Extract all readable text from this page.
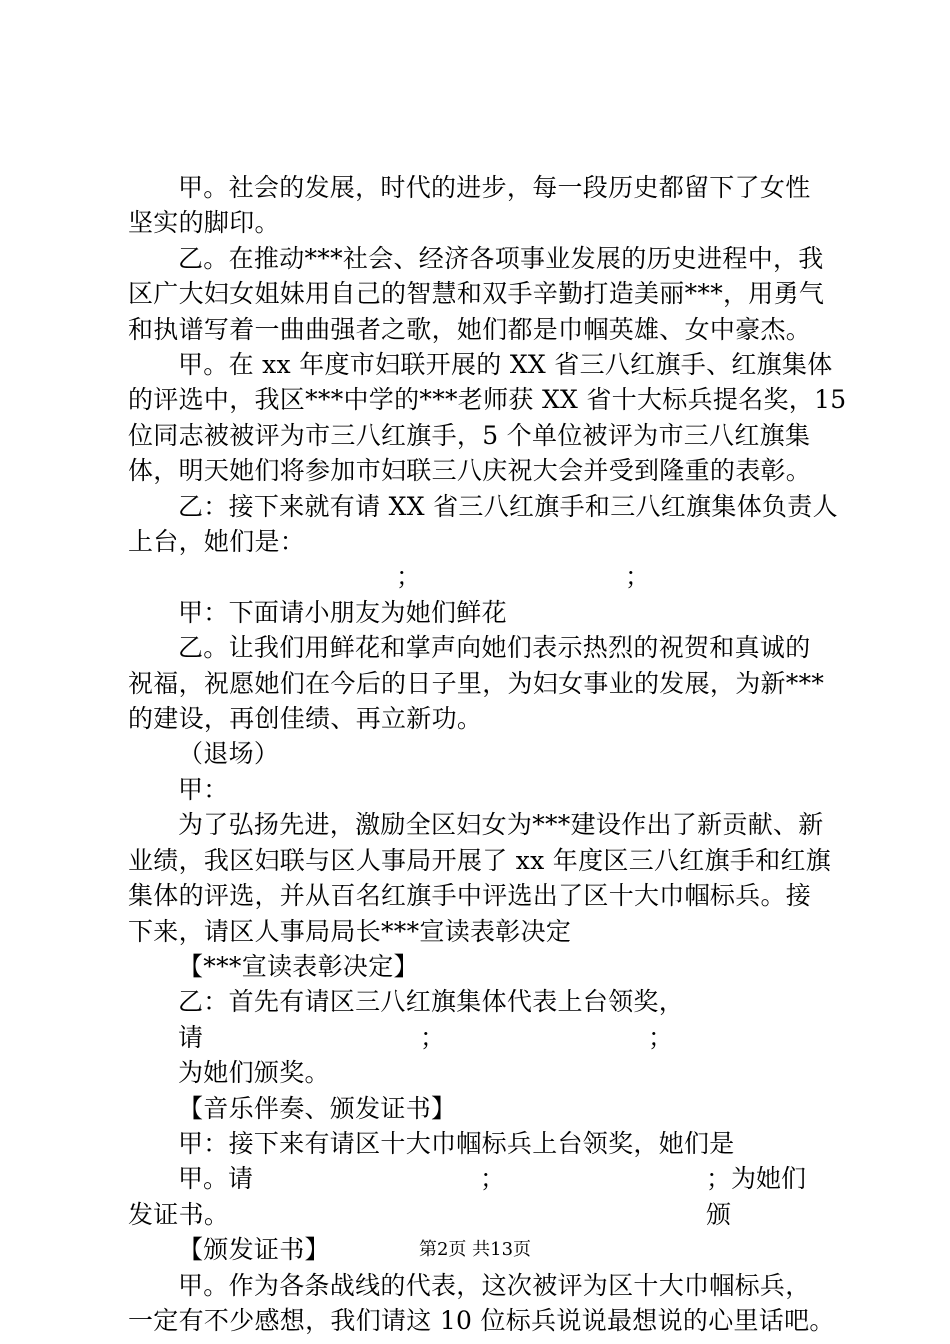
甲。社会的发展，时代的进步，每一段历史都留下了女性

坚实的脚印。

乙。在推动***社会、经济各项事业发展的历史进程中，我

区广大妇女姐妹用自己的智慧和双手辛勤打造美丽***，用勇气

和执谱写着一曲曲强者之歌，她们都是巾帼英雄、女中豪杰。

甲。在 xx 年度市妇联开展的 XX 省三八红旗手、红旗集体

的评选中，我区***中学的***老师获 XX 省十大标兵提名奖，15

位同志被被评为市三八红旗手，5 个单位被评为市三八红旗集

体，明天她们将参加市妇联三八庆祝大会并受到隆重的表彰。

乙：接下来就有请 XX 省三八红旗手和三八红旗集体负责人

上台，她们是：

；	；

甲：下面请小朋友为她们鲜花

乙。让我们用鲜花和掌声向她们表示热烈的祝贺和真诚的

祝福，祝愿她们在今后的日子里，为妇女事业的发展，为新***

的建设，再创佳绩、再立新功。

（退场）

甲：

为了弘扬先进，激励全区妇女为***建设作出了新贡献、新

业绩，我区妇联与区人事局开展了 xx 年度区三八红旗手和红旗

集体的评选，并从百名红旗手中评选出了区十大巾帼标兵。接

下来，请区人事局局长***宣读表彰决定

【***宣读表彰决定】

乙：首先有请区三八红旗集体代表上台领奖，

请	；	；

为她们颁奖。

【音乐伴奏、颁发证书】

甲：接下来有请区十大巾帼标兵上台领奖，她们是

甲。请	；	；为她们颁

发证书。

【颁发证书】

甲。作为各条战线的代表，这次被评为区十大巾帼标兵，

一定有不少感想，我们请这 10 位标兵说说最想说的心里话吧。

第2页 共13页
